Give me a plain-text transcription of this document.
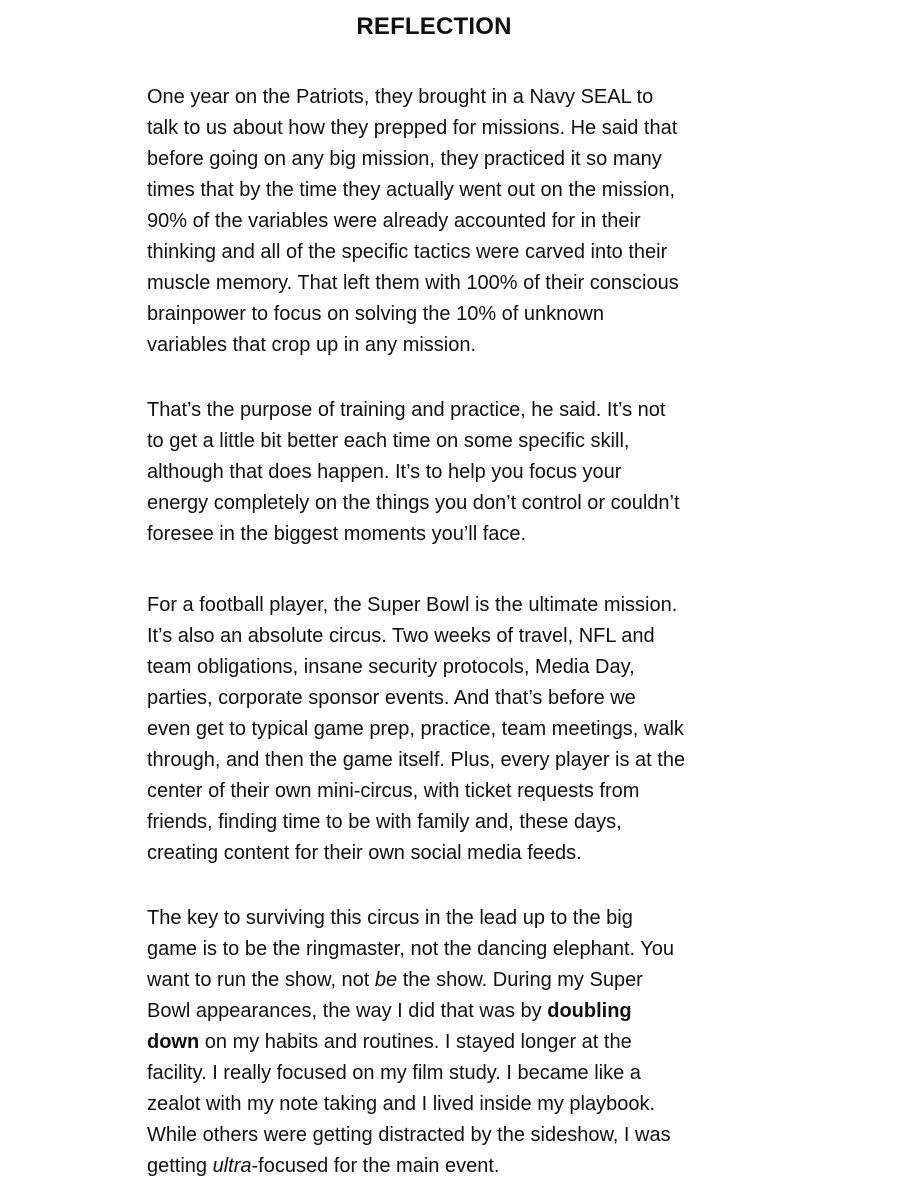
REFLECTION
One year on the Patriots, they brought in a Navy SEAL to
talk to us about how they prepped for missions. He said that
before going on any big mission, they practiced it so many
times that by the time they actually went out on the mission,
90% of the variables were already accounted for in their
thinking and all of the specific tactics were carved into their
muscle memory. That left them with 100% of their conscious
brainpower to focus on solving the 10% of unknown
variables that crop up in any mission.
That’s the purpose of training and practice, he said. It’s not
to get a little bit better each time on some specific skill,
although that does happen. It’s to help you focus your
energy completely on the things you don’t control or couldn’t
foresee in the biggest moments you’ll face.
For a football player, the Super Bowl is the ultimate mission.
It’s also an absolute circus. Two weeks of travel, NFL and
team obligations, insane security protocols, Media Day,
parties, corporate sponsor events. And that’s before we
even get to typical game prep, practice, team meetings, walk
through, and then the game itself. Plus, every player is at the
center of their own mini-circus, with ticket requests from
friends, finding time to be with family and, these days,
creating content for their own social media feeds.
The key to surviving this circus in the lead up to the big
game is to be the ringmaster, not the dancing elephant. You
want to run the show, not be the show. During my Super
Bowl appearances, the way I did that was by doubling
down on my habits and routines. I stayed longer at the
facility. I really focused on my film study. I became like a
zealot with my note taking and I lived inside my playbook.
While others were getting distracted by the sideshow, I was
getting ultra-focused for the main event.
